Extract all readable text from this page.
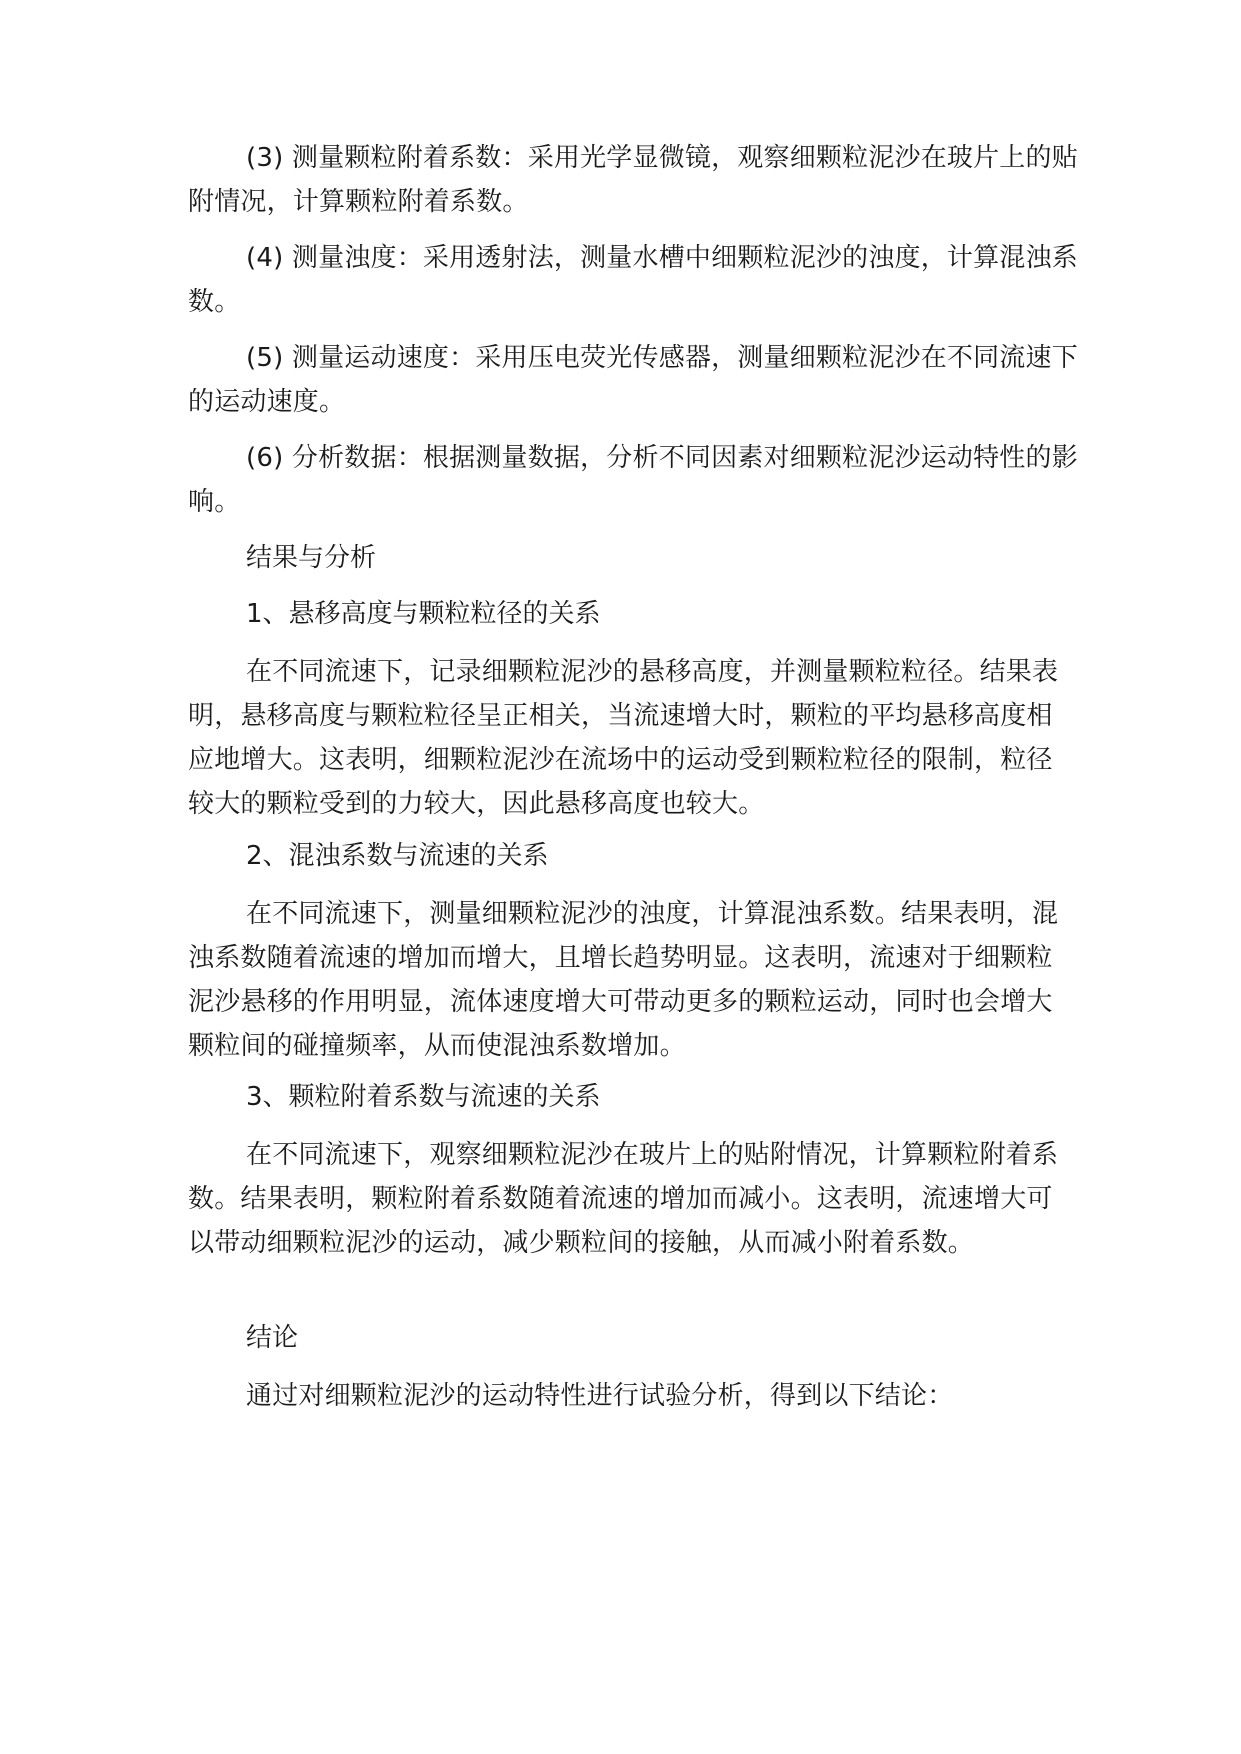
(3) 测量颗粒附着系数：采用光学显微镜，观察细颗粒泥沙在玻片上的贴附情况，计算颗粒附着系数。

(4) 测量浊度：采用透射法，测量水槽中细颗粒泥沙的浊度，计算混浊系数。

(5) 测量运动速度：采用压电荧光传感器，测量细颗粒泥沙在不同流速下的运动速度。

(6) 分析数据：根据测量数据，分析不同因素对细颗粒泥沙运动特性的影响。

结果与分析

1、悬移高度与颗粒粒径的关系

在不同流速下，记录细颗粒泥沙的悬移高度，并测量颗粒粒径。结果表明，悬移高度与颗粒粒径呈正相关，当流速增大时，颗粒的平均悬移高度相应地增大。这表明，细颗粒泥沙在流场中的运动受到颗粒粒径的限制，粒径较大的颗粒受到的力较大，因此悬移高度也较大。

2、混浊系数与流速的关系

在不同流速下，测量细颗粒泥沙的浊度，计算混浊系数。结果表明，混浊系数随着流速的增加而增大，且增长趋势明显。这表明，流速对于细颗粒泥沙悬移的作用明显，流体速度增大可带动更多的颗粒运动，同时也会增大颗粒间的碰撞频率，从而使混浊系数增加。

3、颗粒附着系数与流速的关系

在不同流速下，观察细颗粒泥沙在玻片上的贴附情况，计算颗粒附着系数。结果表明，颗粒附着系数随着流速的增加而减小。这表明，流速增大可以带动细颗粒泥沙的运动，减少颗粒间的接触，从而减小附着系数。

结论

通过对细颗粒泥沙的运动特性进行试验分析，得到以下结论：
